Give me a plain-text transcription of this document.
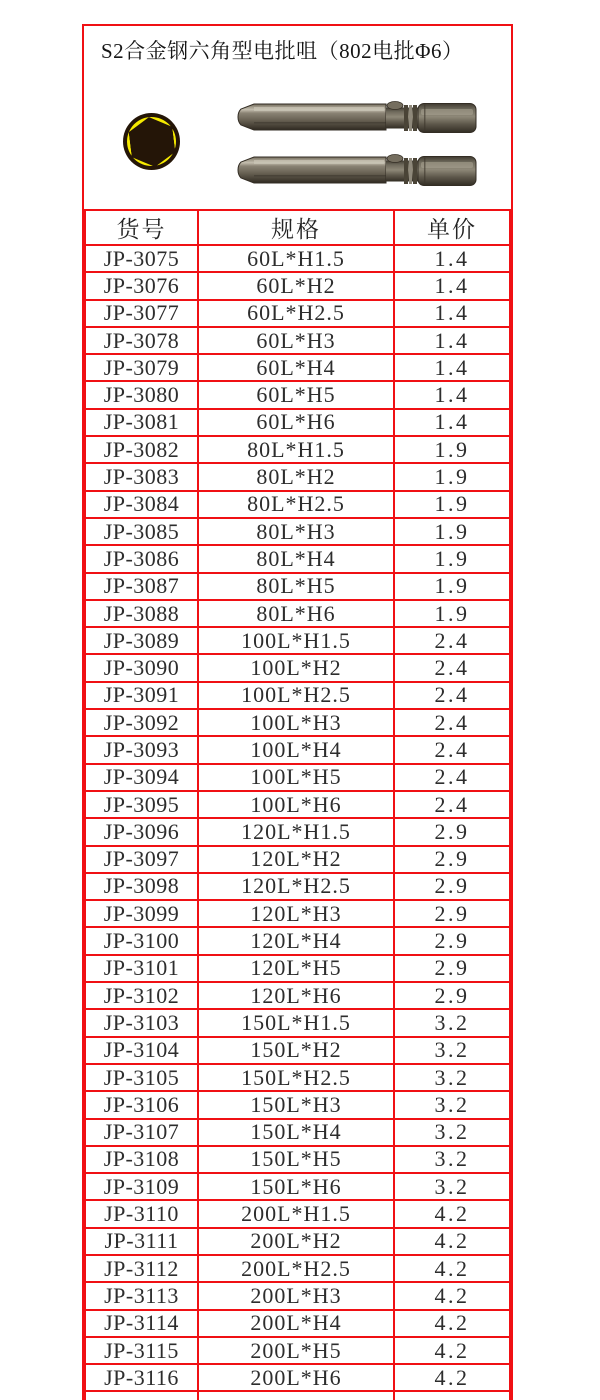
S2合金钢六角型电批咀（802电批Φ6）
货号	规格	单价
JP-3075	60L*H1.5	1.4
JP-3076	60L*H2	1.4
JP-3077	60L*H2.5	1.4
JP-3078	60L*H3	1.4
JP-3079	60L*H4	1.4
JP-3080	60L*H5	1.4
JP-3081	60L*H6	1.4
JP-3082	80L*H1.5	1.9
JP-3083	80L*H2	1.9
JP-3084	80L*H2.5	1.9
JP-3085	80L*H3	1.9
JP-3086	80L*H4	1.9
JP-3087	80L*H5	1.9
JP-3088	80L*H6	1.9
JP-3089	100L*H1.5	2.4
JP-3090	100L*H2	2.4
JP-3091	100L*H2.5	2.4
JP-3092	100L*H3	2.4
JP-3093	100L*H4	2.4
JP-3094	100L*H5	2.4
JP-3095	100L*H6	2.4
JP-3096	120L*H1.5	2.9
JP-3097	120L*H2	2.9
JP-3098	120L*H2.5	2.9
JP-3099	120L*H3	2.9
JP-3100	120L*H4	2.9
JP-3101	120L*H5	2.9
JP-3102	120L*H6	2.9
JP-3103	150L*H1.5	3.2
JP-3104	150L*H2	3.2
JP-3105	150L*H2.5	3.2
JP-3106	150L*H3	3.2
JP-3107	150L*H4	3.2
JP-3108	150L*H5	3.2
JP-3109	150L*H6	3.2
JP-3110	200L*H1.5	4.2
JP-3111	200L*H2	4.2
JP-3112	200L*H2.5	4.2
JP-3113	200L*H3	4.2
JP-3114	200L*H4	4.2
JP-3115	200L*H5	4.2
JP-3116	200L*H6	4.2
